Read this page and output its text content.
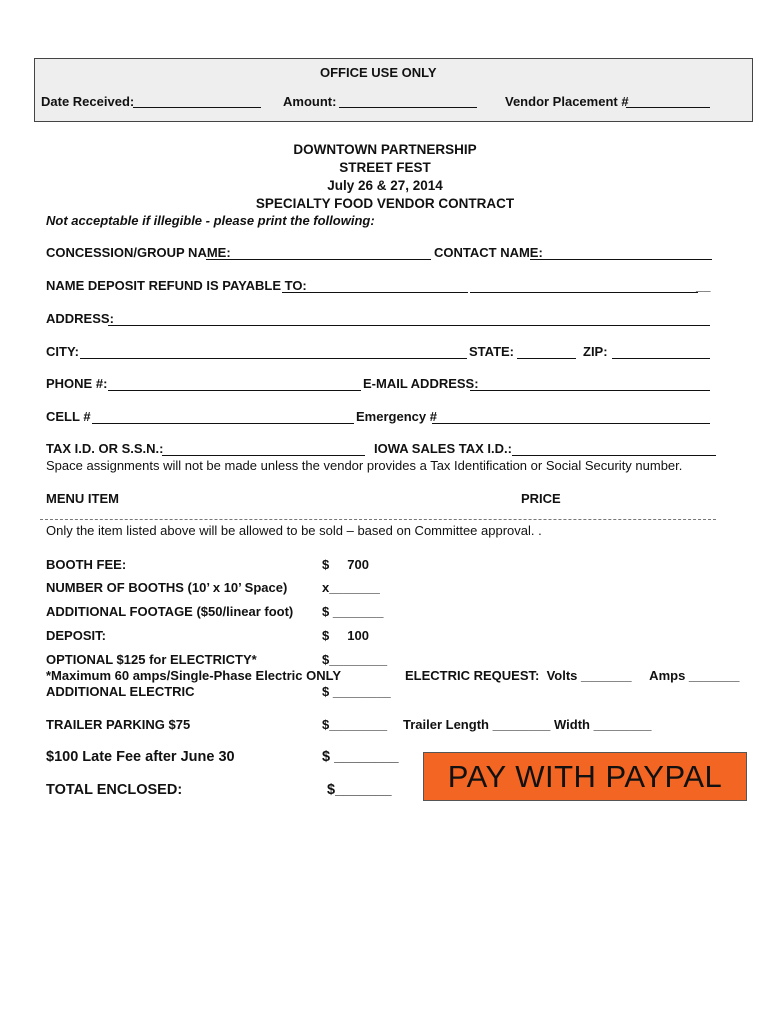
OFFICE USE ONLY
Date Received:	Amount:	Vendor Placement #
DOWNTOWN PARTNERSHIP
STREET FEST
July 26 & 27, 2014
SPECIALTY FOOD VENDOR CONTRACT
Not acceptable if illegible - please print the following:
CONCESSION/GROUP NAME:	CONTACT NAME:
NAME DEPOSIT REFUND IS PAYABLE TO:	__
ADDRESS:
CITY:	STATE:	ZIP:
PHONE #:	E-MAIL ADDRESS:
CELL #	Emergency #
TAX I.D. OR S.S.N.:	IOWA SALES TAX I.D.:
Space assignments will not be made unless the vendor provides a Tax Identification or Social Security number.
MENU ITEM	PRICE
Only the item listed above will be allowed to be sold – based on Committee approval. .
BOOTH FEE:	$     700
NUMBER OF BOOTHS (10’ x 10’ Space)	x_______
ADDITIONAL FOOTAGE ($50/linear foot) $ _______
DEPOSIT:	$     100
OPTIONAL $125 for ELECTRICTY*	$________
*Maximum 60 amps/Single-Phase Electric ONLY	ELECTRIC REQUEST:  Volts _______     Amps _______
ADDITIONAL ELECTRIC	$ ________
TRAILER PARKING $75	$________ Trailer Length ________ Width ________
$100 Late Fee after June 30	$ ________
TOTAL ENCLOSED:	$_______	PAY WITH PAYPAL
